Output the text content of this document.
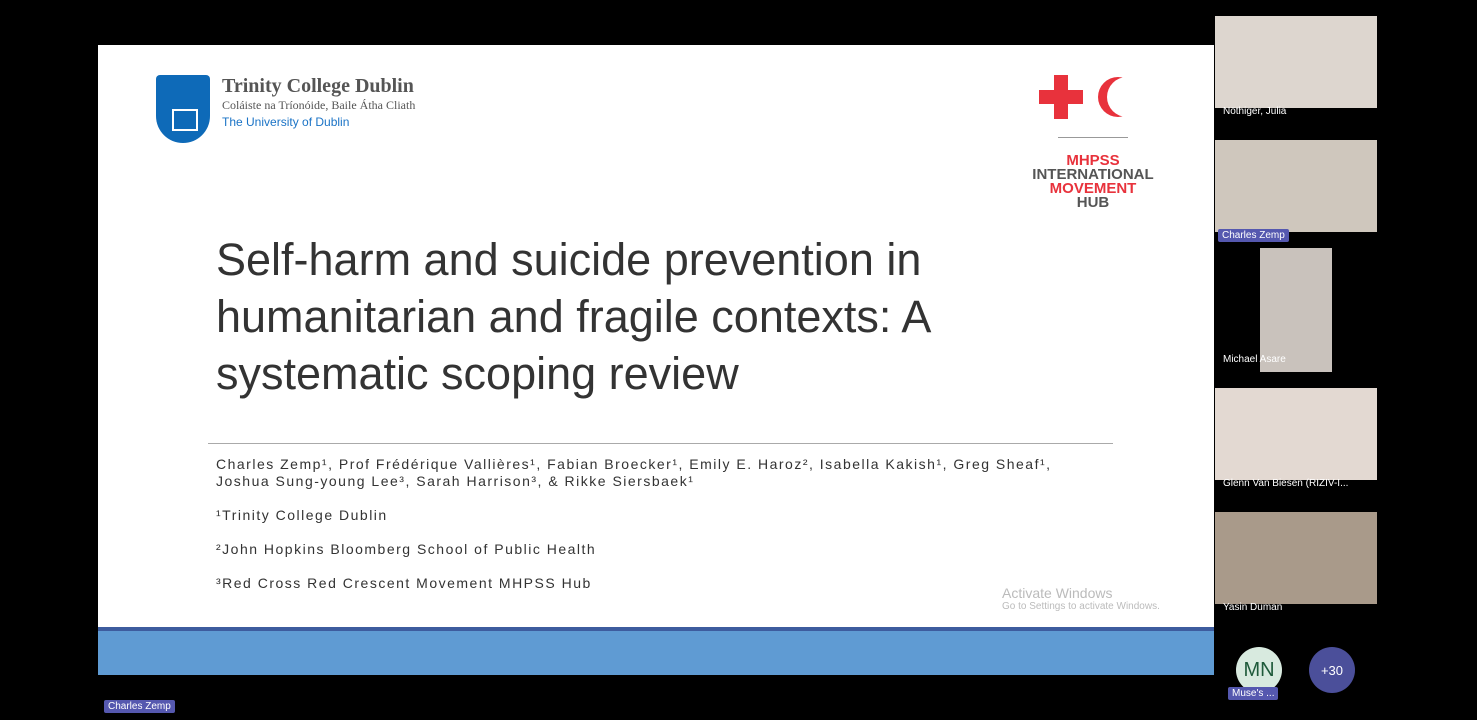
Trinity College Dublin
Coláiste na Tríonóide, Baile Átha Cliath
The University of Dublin
MHPSS
INTERNATIONAL
MOVEMENT
HUB
Self-harm and suicide prevention in humanitarian and fragile contexts: A systematic scoping review
Charles Zemp¹, Prof Frédérique Vallières¹, Fabian Broecker¹, Emily E. Haroz², Isabella Kakish¹, Greg Sheaf¹, Joshua Sung-young Lee³, Sarah Harrison³, & Rikke Siersbaek¹
¹Trinity College Dublin
²John Hopkins Bloomberg School of Public Health
³Red Cross Red Crescent Movement MHPSS Hub
Activate Windows
Go to Settings to activate Windows.
Charles Zemp
Nöthiger, Julia
Charles Zemp
Michael Asare
Glenn Van Biesen (RIZIV-I...
Yasin Duman
MN
Muse's ...
+30
